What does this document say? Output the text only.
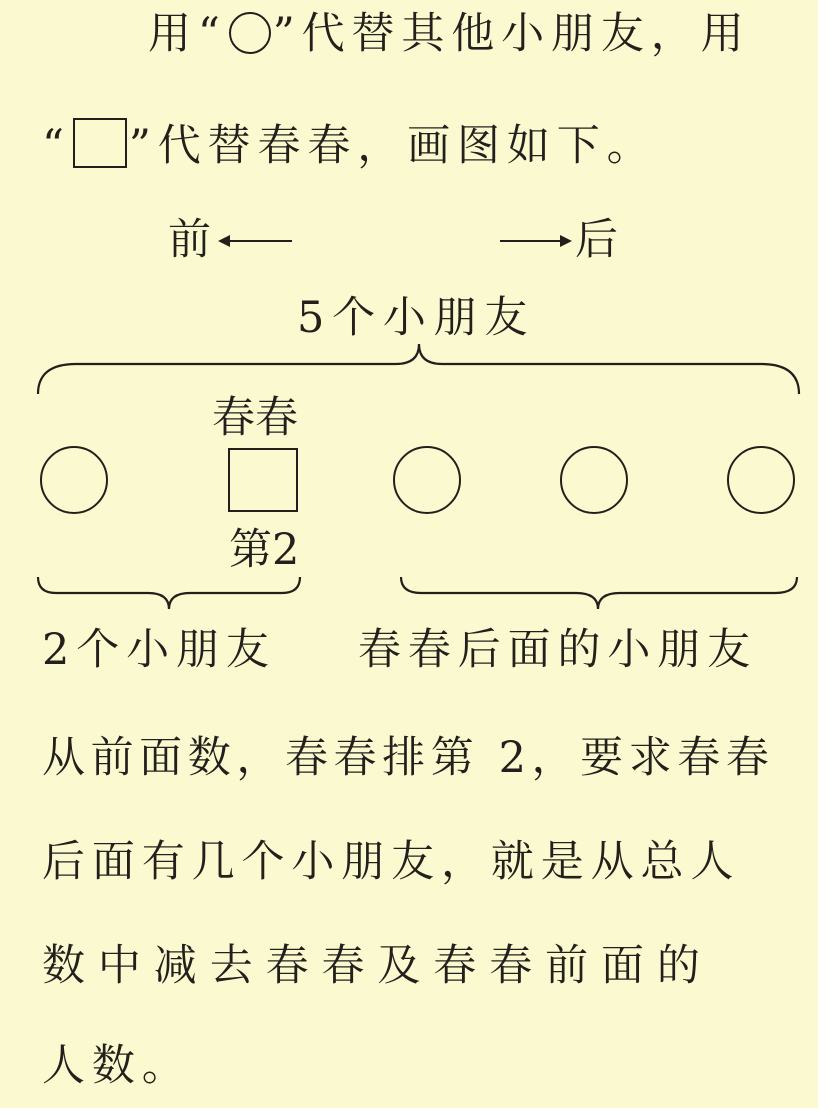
用“ ”代替其他小朋友，用
“ ”代替春春，画图如下。
前	后
5个小朋友
春春
第2
2个小朋友 春春后面的小朋友
从前面数，春春排第 2，要求春春
后面有几个小朋友，就是从总人
数中减去春春及春春前面的
人数。
